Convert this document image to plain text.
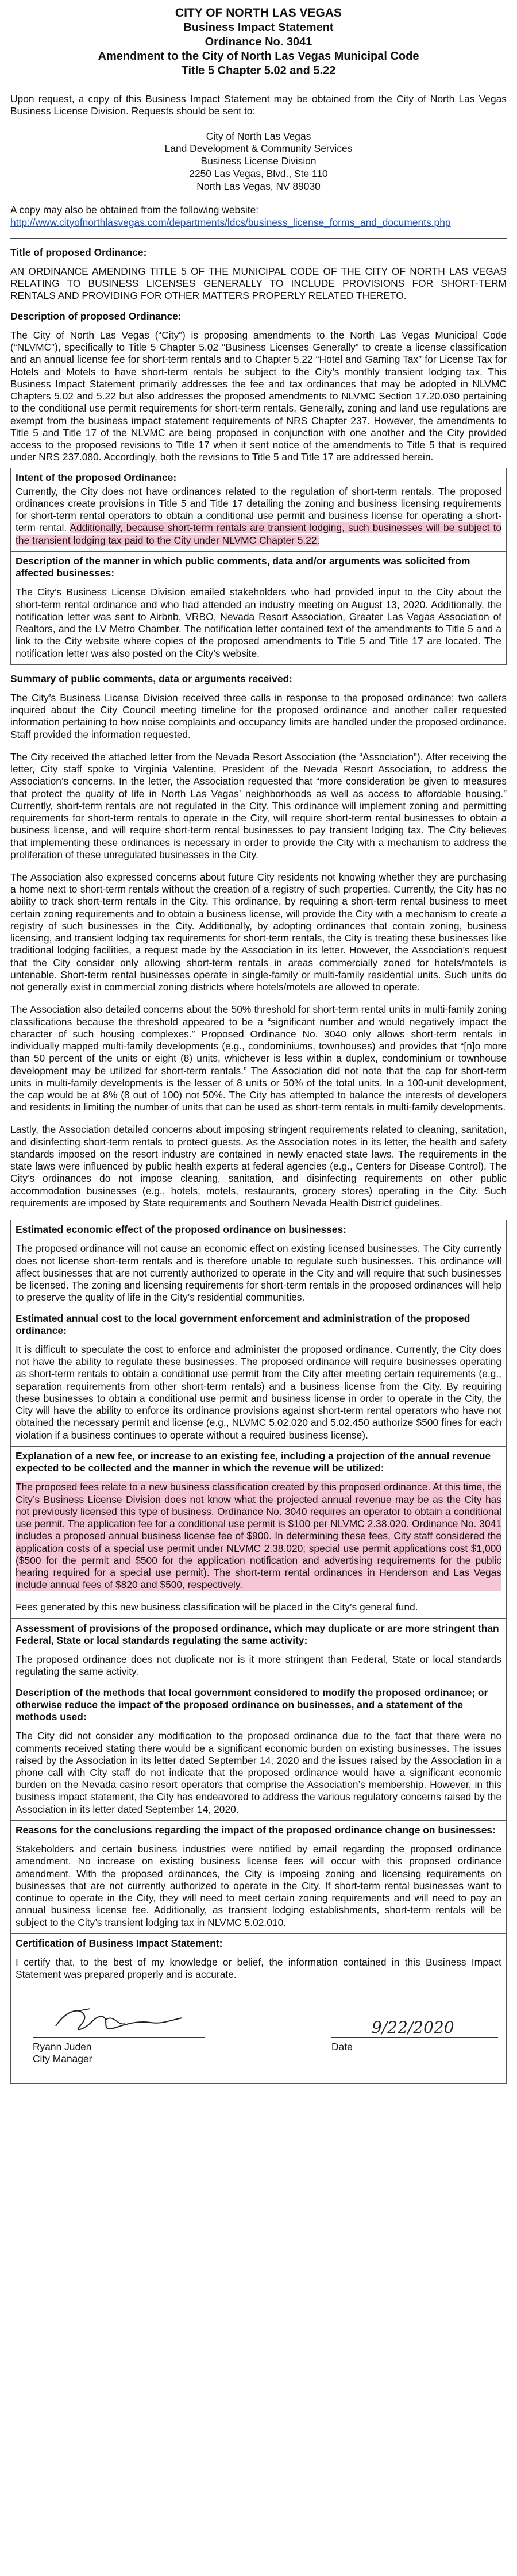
CITY OF NORTH LAS VEGAS
Business Impact Statement
Ordinance No. 3041
Amendment to the City of North Las Vegas Municipal Code
Title 5 Chapter 5.02 and 5.22

Upon request, a copy of this Business Impact Statement may be obtained from the City of North Las Vegas Business License Division. Requests should be sent to:

City of North Las Vegas
Land Development & Community Services
Business License Division
2250 Las Vegas, Blvd., Ste 110
North Las Vegas, NV 89030

A copy may also be obtained from the following website:

http://www.cityofnorthlasvegas.com/departments/ldcs/business_license_forms_and_documents.php
Title of proposed Ordinance:

AN ORDINANCE AMENDING TITLE 5 OF THE MUNICIPAL CODE OF THE CITY OF NORTH LAS VEGAS RELATING TO BUSINESS LICENSES GENERALLY TO INCLUDE PROVISIONS FOR SHORT-TERM RENTALS AND PROVIDING FOR OTHER MATTERS PROPERLY RELATED THERETO.

Description of proposed Ordinance:

The City of North Las Vegas (“City”) is proposing amendments to the North Las Vegas Municipal Code (“NLVMC”), specifically to Title 5 Chapter 5.02 “Business Licenses Generally” to create a license classification and an annual license fee for short-term rentals and to Chapter 5.22 “Hotel and Gaming Tax” for License Tax for Hotels and Motels to have short-term rentals be subject to the City’s monthly transient lodging tax. This Business Impact Statement primarily addresses the fee and tax ordinances that may be adopted in NLVMC Chapters 5.02 and 5.22 but also addresses the proposed amendments to NLVMC Section 17.20.030 pertaining to the conditional use permit requirements for short-term rentals. Generally, zoning and land use regulations are exempt from the business impact statement requirements of NRS Chapter 237. However, the amendments to Title 5 and Title 17 of the NLVMC are being proposed in conjunction with one another and the City provided access to the proposed revisions to Title 17 when it sent notice of the amendments to Title 5 that is required under NRS 237.080. Accordingly, both the revisions to Title 5 and Title 17 are addressed herein.

Intent of the proposed Ordinance:

Currently, the City does not have ordinances related to the regulation of short-term rentals. The proposed ordinances create provisions in Title 5 and Title 17 detailing the zoning and business licensing requirements for short-term rental operators to obtain a conditional use permit and business license for operating a short-term rental. Additionally, because short-term rentals are transient lodging, such businesses will be subject to the transient lodging tax paid to the City under NLVMC Chapter 5.22.

Description of the manner in which public comments, data and/or arguments was solicited from affected businesses:

The City’s Business License Division emailed stakeholders who had provided input to the City about the short-term rental ordinance and who had attended an industry meeting on August 13, 2020. Additionally, the notification letter was sent to Airbnb, VRBO, Nevada Resort Association, Greater Las Vegas Association of Realtors, and the LV Metro Chamber. The notification letter contained text of the amendments to Title 5 and a link to the City website where copies of the proposed amendments to Title 5 and Title 17 are located. The notification letter was also posted on the City’s website.

Summary of public comments, data or arguments received:

The City’s Business License Division received three calls in response to the proposed ordinance; two callers inquired about the City Council meeting timeline for the proposed ordinance and another caller requested information pertaining to how noise complaints and occupancy limits are handled under the proposed ordinance. Staff provided the information requested.

The City received the attached letter from the Nevada Resort Association (the “Association”). After receiving the letter, City staff spoke to Virginia Valentine, President of the Nevada Resort Association, to address the Association’s concerns. In the letter, the Association requested that “more consideration be given to measures that protect the quality of life in North Las Vegas’ neighborhoods as well as access to affordable housing.” Currently, short-term rentals are not regulated in the City. This ordinance will implement zoning and permitting requirements for short-term rentals to operate in the City, will require short-term rental businesses to obtain a business license, and will require short-term rental businesses to pay transient lodging tax. The City believes that implementing these ordinances is necessary in order to provide the City with a mechanism to address the proliferation of these unregulated businesses in the City.

The Association also expressed concerns about future City residents not knowing whether they are purchasing a home next to short-term rentals without the creation of a registry of such properties. Currently, the City has no ability to track short-term rentals in the City. This ordinance, by requiring a short-term rental business to meet certain zoning requirements and to obtain a business license, will provide the City with a mechanism to create a registry of such businesses in the City. Additionally, by adopting ordinances that contain zoning, business licensing, and transient lodging tax requirements for short-term rentals, the City is treating these businesses like traditional lodging facilities, a request made by the Association in its letter. However, the Association’s request that the City consider only allowing short-term rentals in areas commercially zoned for hotels/motels is untenable. Short-term rental businesses operate in single-family or multi-family residential units. Such units do not generally exist in commercial zoning districts where hotels/motels are allowed to operate.

The Association also detailed concerns about the 50% threshold for short-term rental units in multi-family zoning classifications because the threshold appeared to be a “significant number and would negatively impact the character of such housing complexes.” Proposed Ordinance No. 3040 only allows short-term rentals in individually mapped multi-family developments (e.g., condominiums, townhouses) and provides that “[n]o more than 50 percent of the units or eight (8) units, whichever is less within a duplex, condominium or townhouse development may be utilized for short-term rentals.” The Association did not note that the cap for short-term units in multi-family developments is the lesser of 8 units or 50% of the total units. In a 100-unit development, the cap would be at 8% (8 out of 100) not 50%. The City has attempted to balance the interests of developers and residents in limiting the number of units that can be used as short-term rentals in multi-family developments.

Lastly, the Association detailed concerns about imposing stringent requirements related to cleaning, sanitation, and disinfecting short-term rentals to protect guests. As the Association notes in its letter, the health and safety standards imposed on the resort industry are contained in newly enacted state laws. The requirements in the state laws were influenced by public health experts at federal agencies (e.g., Centers for Disease Control). The City’s ordinances do not impose cleaning, sanitation, and disinfecting requirements on other public accommodation businesses (e.g., hotels, motels, restaurants, grocery stores) operating in the City. Such requirements are imposed by State requirements and Southern Nevada Health District guidelines.

Estimated economic effect of the proposed ordinance on businesses:

The proposed ordinance will not cause an economic effect on existing licensed businesses. The City currently does not license short-term rentals and is therefore unable to regulate such businesses. This ordinance will affect businesses that are not currently authorized to operate in the City and will require that such businesses be licensed. The zoning and licensing requirements for short-term rentals in the proposed ordinances will help to preserve the quality of life in the City’s residential communities.

Estimated annual cost to the local government enforcement and administration of the proposed ordinance:

It is difficult to speculate the cost to enforce and administer the proposed ordinance. Currently, the City does not have the ability to regulate these businesses. The proposed ordinance will require businesses operating as short-term rentals to obtain a conditional use permit from the City after meeting certain requirements (e.g., separation requirements from other short-term rentals) and a business license from the City. By requiring these businesses to obtain a conditional use permit and business license in order to operate in the City, the City will have the ability to enforce its ordinance provisions against short-term rental operators who have not obtained the necessary permit and license (e.g., NLVMC 5.02.020 and 5.02.450 authorize $500 fines for each violation if a business continues to operate without a required business license).

Explanation of a new fee, or increase to an existing fee, including a projection of the annual revenue expected to be collected and the manner in which the revenue will be utilized:

The proposed fees relate to a new business classification created by this proposed ordinance. At this time, the City’s Business License Division does not know what the projected annual revenue may be as the City has not previously licensed this type of business. Ordinance No. 3040 requires an operator to obtain a conditional use permit. The application fee for a conditional use permit is $100 per NLVMC 2.38.020. Ordinance No. 3041 includes a proposed annual business license fee of $900. In determining these fees, City staff considered the application costs of a special use permit under NLVMC 2.38.020; special use permit applications cost $1,000 ($500 for the permit and $500 for the application notification and advertising requirements for the public hearing required for a special use permit). The short-term rental ordinances in Henderson and Las Vegas include annual fees of $820 and $500, respectively.

Fees generated by this new business classification will be placed in the City’s general fund.

Assessment of provisions of the proposed ordinance, which may duplicate or are more stringent than Federal, State or local standards regulating the same activity:

The proposed ordinance does not duplicate nor is it more stringent than Federal, State or local standards regulating the same activity.

Description of the methods that local government considered to modify the proposed ordinance; or otherwise reduce the impact of the proposed ordinance on businesses, and a statement of the methods used:

The City did not consider any modification to the proposed ordinance due to the fact that there were no comments received stating there would be a significant economic burden on existing businesses. The issues raised by the Association in its letter dated September 14, 2020 and the issues raised by the Association in a phone call with City staff do not indicate that the proposed ordinance would have a significant economic burden on the Nevada casino resort operators that comprise the Association’s membership. However, in this business impact statement, the City has endeavored to address the various regulatory concerns raised by the Association in its letter dated September 14, 2020.

Reasons for the conclusions regarding the impact of the proposed ordinance change on businesses:

Stakeholders and certain business industries were notified by email regarding the proposed ordinance amendment. No increase on existing business license fees will occur with this proposed ordinance amendment. With the proposed ordinances, the City is imposing zoning and licensing requirements on businesses that are not currently authorized to operate in the City. If short-term rental businesses want to continue to operate in the City, they will need to meet certain zoning requirements and will need to pay an annual business license fee. Additionally, as transient lodging establishments, short-term rentals will be subject to the City’s transient lodging tax in NLVMC 5.02.010.

Certification of Business Impact Statement:

I certify that, to the best of my knowledge or belief, the information contained in this Business Impact Statement was prepared properly and is accurate.

Ryann Juden
City Manager
9/22/2020
Date
